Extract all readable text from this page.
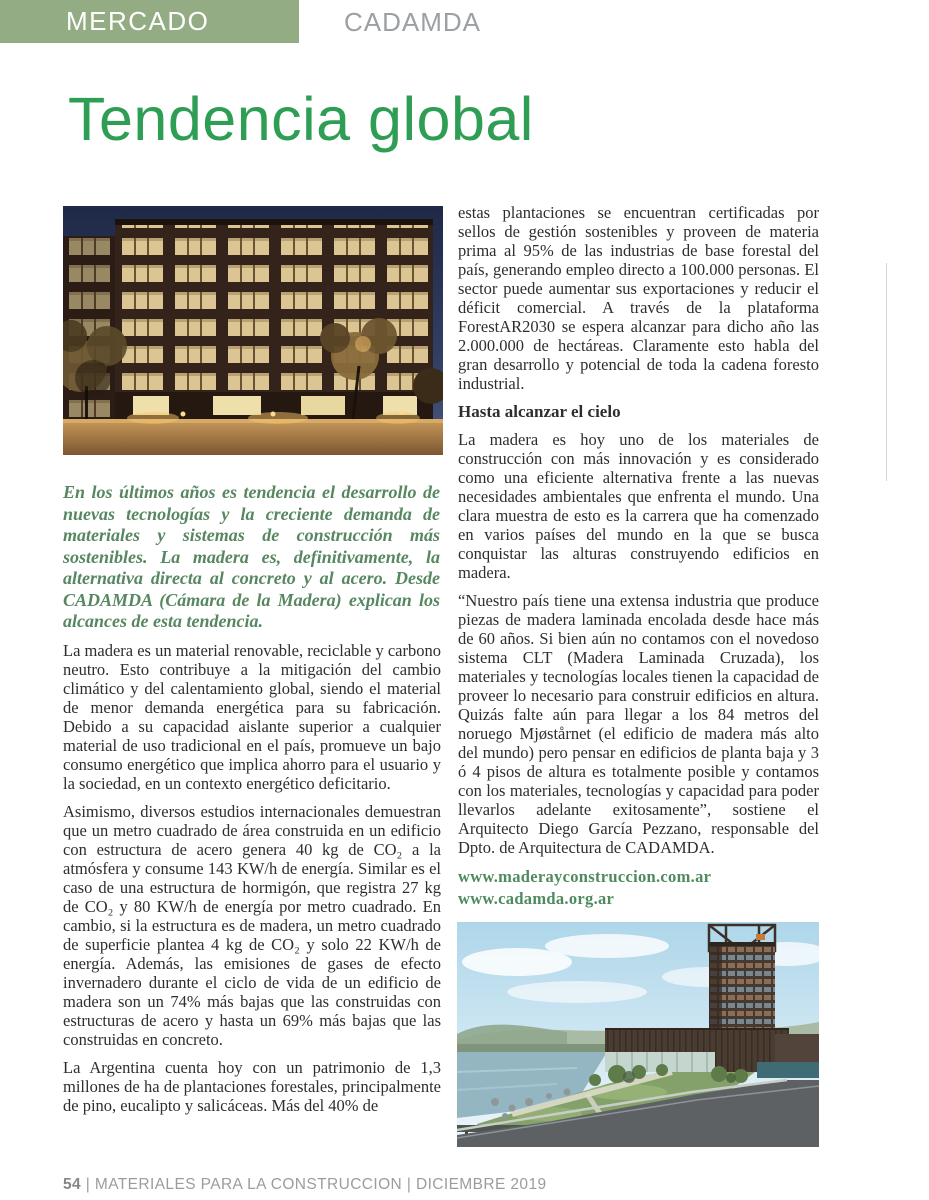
MERCADO	CADAMDA
Tendencia global

En los últimos años es tendencia el desarrollo de nuevas tecnologías y la creciente demanda de materiales y sistemas de construcción más sostenibles. La madera es, definitivamente, la alternativa directa al concreto y al acero. Desde CADAMDA (Cámara de la Madera) explican los alcances de esta tendencia.

La madera es un material renovable, reciclable y carbono neutro. Esto contribuye a la mitigación del cambio climático y del calentamiento global, siendo el material de menor demanda energética para su fabricación. Debido a su capacidad aislante superior a cualquier material de uso tradicional en el país, promueve un bajo consumo energético que implica ahorro para el usuario y la sociedad, en un contexto energético deficitario.

Asimismo, diversos estudios internacionales demuestran que un metro cuadrado de área construida en un edificio con estructura de acero genera 40 kg de CO₂ a la atmósfera y consume 143 KW/h de energía. Similar es el caso de una estructura de hormigón, que registra 27 kg de CO₂ y 80 KW/h de energía por metro cuadrado. En cambio, si la estructura es de madera, un metro cuadrado de superficie plantea 4 kg de CO₂ y solo 22 KW/h de energía. Además, las emisiones de gases de efecto invernadero durante el ciclo de vida de un edificio de madera son un 74% más bajas que las construidas con estructuras de acero y hasta un 69% más bajas que las construidas en concreto.

La Argentina cuenta hoy con un patrimonio de 1,3 millones de ha de plantaciones forestales, principalmente de pino, eucalipto y salicáceas. Más del 40% de

estas plantaciones se encuentran certificadas por sellos de gestión sostenibles y proveen de materia prima al 95% de las industrias de base forestal del país, generando empleo directo a 100.000 personas. El sector puede aumentar sus exportaciones y reducir el déficit comercial. A través de la plataforma ForestAR2030 se espera alcanzar para dicho año las 2.000.000 de hectáreas. Claramente esto habla del gran desarrollo y potencial de toda la cadena foresto industrial.

Hasta alcanzar el cielo

La madera es hoy uno de los materiales de construcción con más innovación y es considerado como una eficiente alternativa frente a las nuevas necesidades ambientales que enfrenta el mundo. Una clara muestra de esto es la carrera que ha comenzado en varios países del mundo en la que se busca conquistar las alturas construyendo edificios en madera.

“Nuestro país tiene una extensa industria que produce piezas de madera laminada encolada desde hace más de 60 años. Si bien aún no contamos con el novedoso sistema CLT (Madera Laminada Cruzada), los materiales y tecnologías locales tienen la capacidad de proveer lo necesario para construir edificios en altura. Quizás falte aún para llegar a los 84 metros del noruego Mjøstårnet (el edificio de madera más alto del mundo) pero pensar en edificios de planta baja y 3 ó 4 pisos de altura es totalmente posible y contamos con los materiales, tecnologías y capacidad para poder llevarlos adelante exitosamente”, sostiene el Arquitecto Diego García Pezzano, responsable del Dpto. de Arquitectura de CADAMDA.

www.maderayconstruccion.com.ar
www.cadamda.org.ar
54 | MATERIALES PARA LA CONSTRUCCION | DICIEMBRE 2019
